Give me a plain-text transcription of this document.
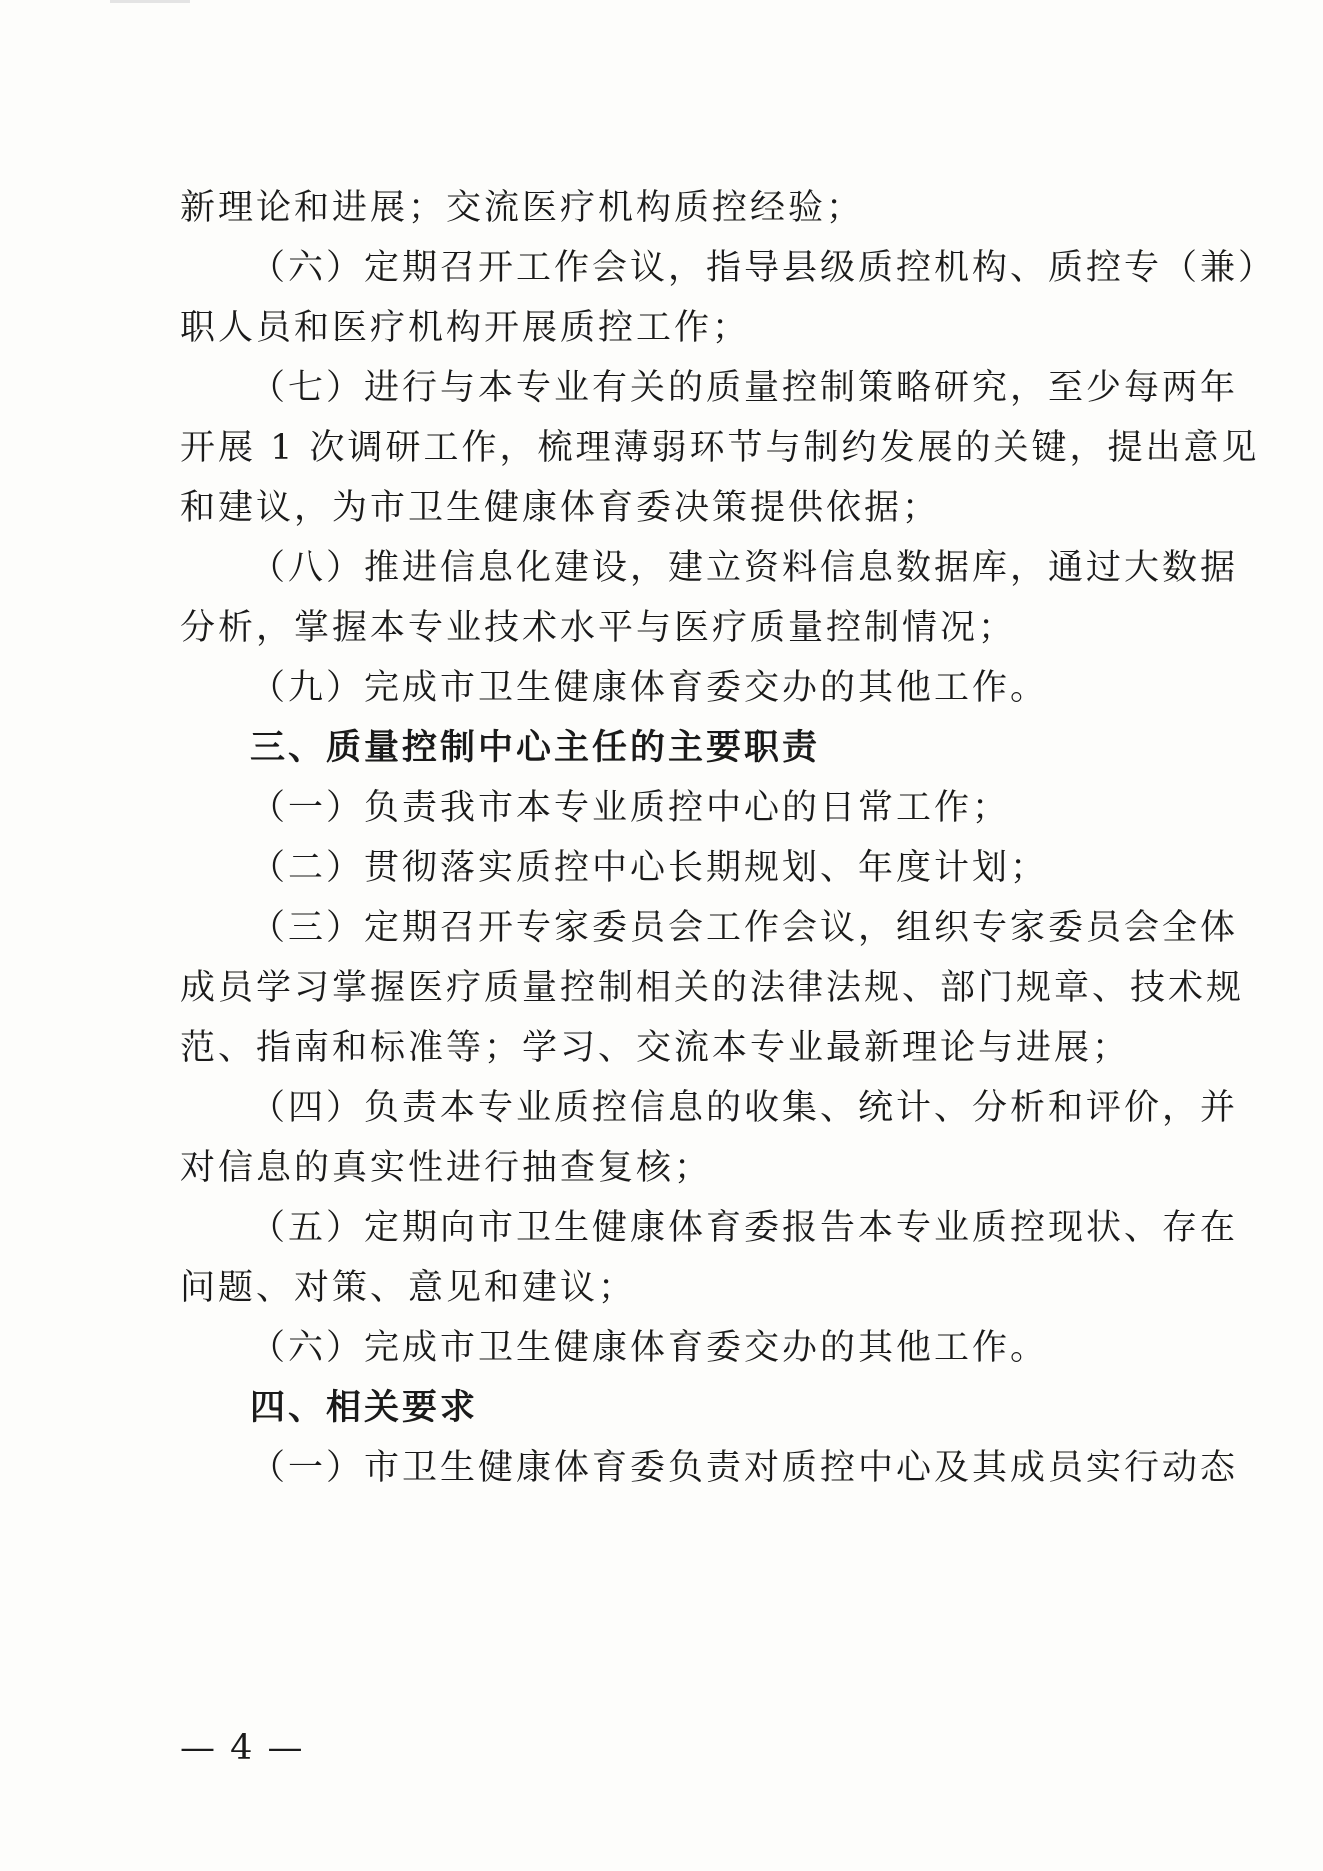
新理论和进展；交流医疗机构质控经验；
（六）定期召开工作会议，指导县级质控机构、质控专（兼）
职人员和医疗机构开展质控工作；
（七）进行与本专业有关的质量控制策略研究，至少每两年
开展 1 次调研工作，梳理薄弱环节与制约发展的关键，提出意见
和建议，为市卫生健康体育委决策提供依据；
（八）推进信息化建设，建立资料信息数据库，通过大数据
分析，掌握本专业技术水平与医疗质量控制情况；
（九）完成市卫生健康体育委交办的其他工作。
三、质量控制中心主任的主要职责
（一）负责我市本专业质控中心的日常工作；
（二）贯彻落实质控中心长期规划、年度计划；
（三）定期召开专家委员会工作会议，组织专家委员会全体
成员学习掌握医疗质量控制相关的法律法规、部门规章、技术规
范、指南和标准等；学习、交流本专业最新理论与进展；
（四）负责本专业质控信息的收集、统计、分析和评价，并
对信息的真实性进行抽查复核；
（五）定期向市卫生健康体育委报告本专业质控现状、存在
问题、对策、意见和建议；
（六）完成市卫生健康体育委交办的其他工作。
四、相关要求
（一）市卫生健康体育委负责对质控中心及其成员实行动态
— 4 —
